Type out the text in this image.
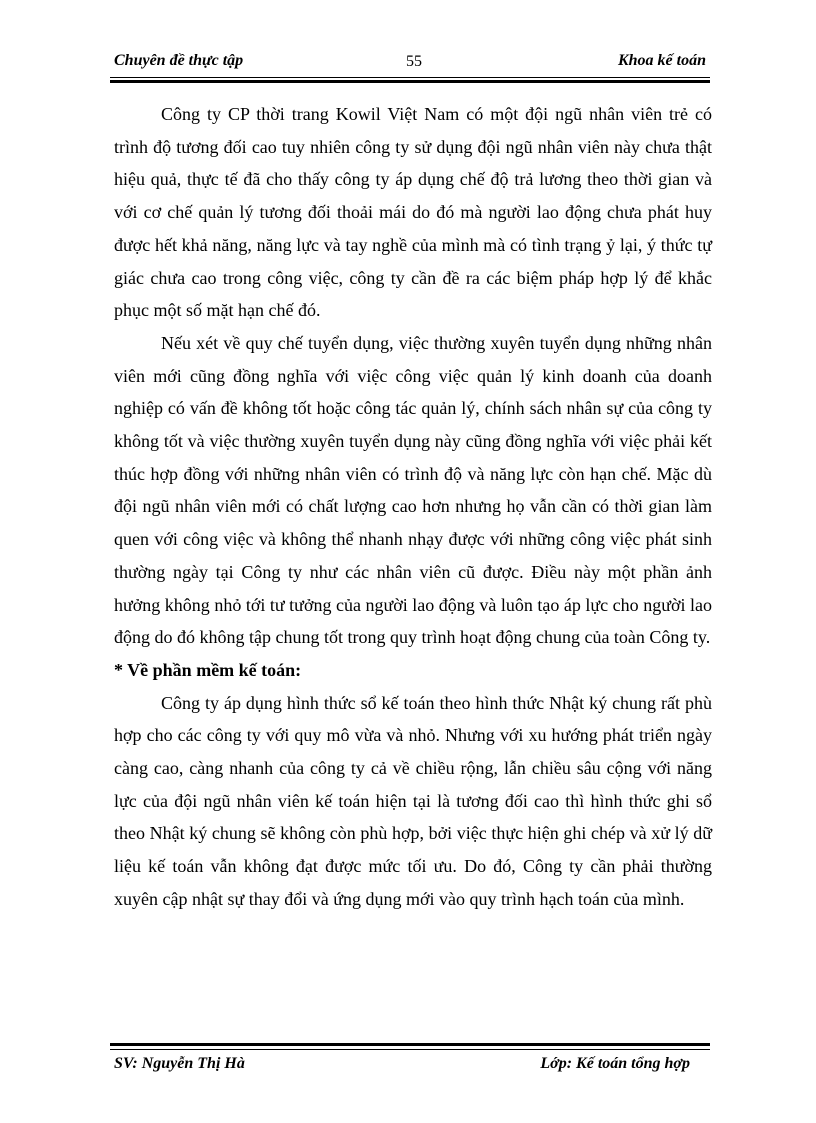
Chuyên đề thực tập	55	Khoa kế toán

Công ty CP thời trang Kowil Việt Nam có một đội ngũ nhân viên trẻ có trình độ tương đối cao tuy nhiên công ty sử dụng đội ngũ nhân viên này chưa thật hiệu quả, thực tế đã cho thấy công ty áp dụng chế độ trả lương theo thời gian và với cơ chế quản lý tương đối thoải mái do đó mà người lao động chưa phát huy được hết khả năng, năng lực và tay nghề của mình mà có tình trạng ỷ lại, ý thức tự giác chưa cao trong công việc, công ty cần đề ra các biệm pháp hợp lý để khắc phục một số mặt hạn chế đó.

Nếu xét về quy chế tuyển dụng, việc thường xuyên tuyển dụng những nhân viên mới cũng đồng nghĩa với việc công việc quản lý kinh doanh của doanh nghiệp có vấn đề không tốt hoặc công tác quản lý, chính sách nhân sự của công ty không tốt và việc thường xuyên tuyển dụng này cũng đồng nghĩa với việc phải kết thúc hợp đồng với những nhân viên có trình độ và năng lực còn hạn chế. Mặc dù đội ngũ nhân viên mới có chất lượng cao hơn nhưng họ vẫn cần có thời gian làm quen với công việc và không thể nhanh nhạy được với những công việc phát sinh thường ngày tại Công ty như các nhân viên cũ được. Điều này một phần ảnh hưởng không nhỏ tới tư tưởng của người lao động và luôn tạo áp lực cho người lao động do đó không tập chung tốt trong quy trình hoạt động chung của toàn Công ty.

* Về phần mềm kế toán:

Công ty áp dụng hình thức sổ kế toán theo hình thức Nhật ký chung rất phù hợp cho các công ty với quy mô vừa và nhỏ. Nhưng với xu hướng phát triển ngày càng cao, càng nhanh của công ty cả về chiều rộng, lẫn chiều sâu cộng với năng lực của đội ngũ nhân viên kế toán hiện tại là tương đối cao thì hình thức ghi sổ theo Nhật ký chung sẽ không còn phù hợp, bởi việc thực hiện ghi chép và xử lý dữ liệu kế toán vẫn không đạt được mức tối ưu. Do đó, Công ty cần phải thường xuyên cập nhật sự thay đổi và ứng dụng mới vào quy trình hạch toán của mình.

SV: Nguyễn Thị Hà	Lớp: Kế toán tổng hợp
